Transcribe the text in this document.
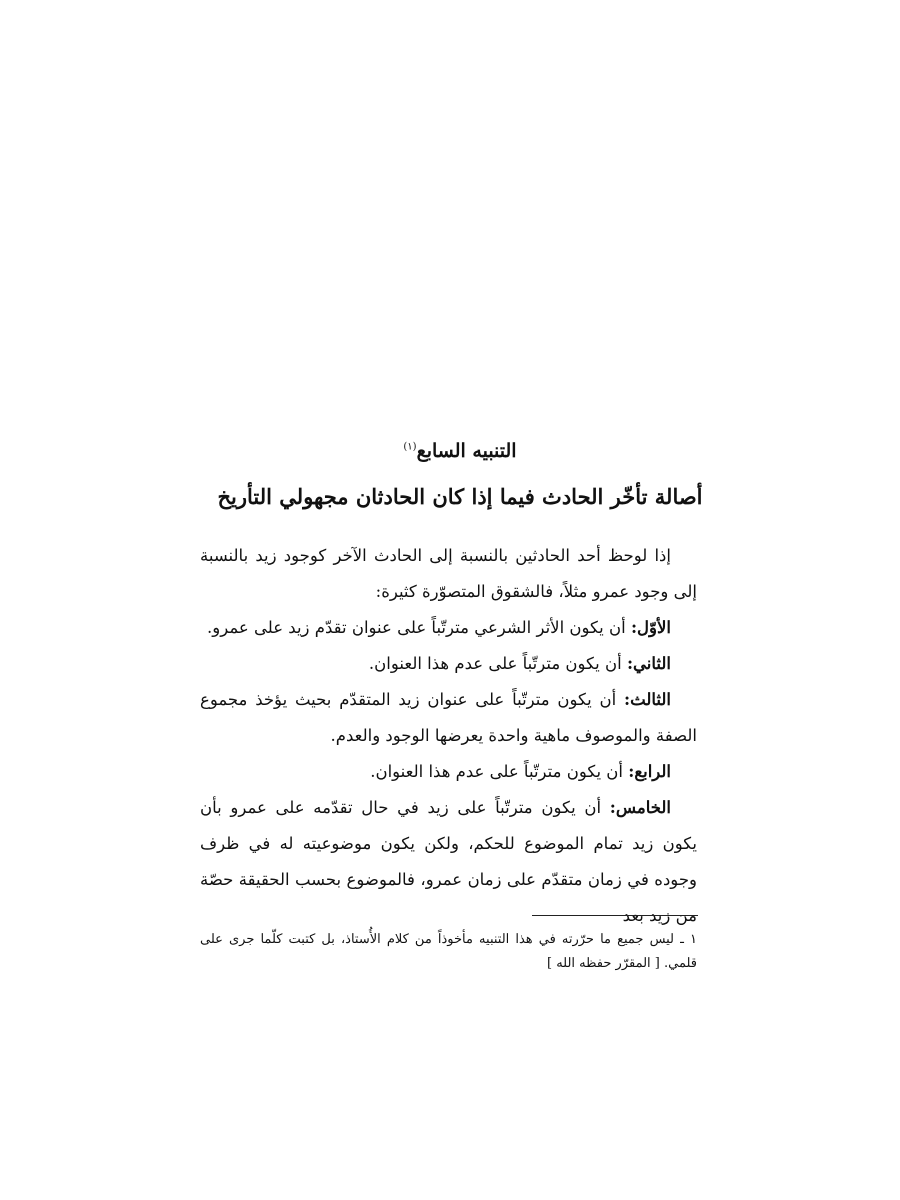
التنبيه السابع$^{(١)}$
أصالة تأخّر الحادث فيما إذا كان الحادثان مجهولي التأريخ

إذا لوحظ أحد الحادثين بالنسبة إلى الحادث الآخر كوجود زيد بالنسبة إلى وجود عمرو مثلاً، فالشقوق المتصوّرة كثيرة:

الأوّل: أن يكون الأثر الشرعي مترتّباً على عنوان تقدّم زيد على عمرو.
الثاني: أن يكون مترتّباً على عدم هذا العنوان.

الثالث: أن يكون مترتّباً على عنوان زيد المتقدّم بحيث يؤخذ مجموع الصفة والموصوف ماهية واحدة يعرضها الوجود والعدم.

الرابع: أن يكون مترتّباً على عدم هذا العنوان.

الخامس: أن يكون مترتّباً على زيد في حال تقدّمه على عمرو بأن يكون زيد تمام الموضوع للحكم، ولكن يكون موضوعيته له في ظرف وجوده في زمان متقدّم على زمان عمرو، فالموضوع بحسب الحقيقة حصّة من زيد بعد

١ ـ ليس جميع ما حرّرته في هذا التنبيه مأخوذاً من كلام الأُستاذ، بل كتبت كلّما جرى على قلمي. [ المقرّر حفظه الله ]
